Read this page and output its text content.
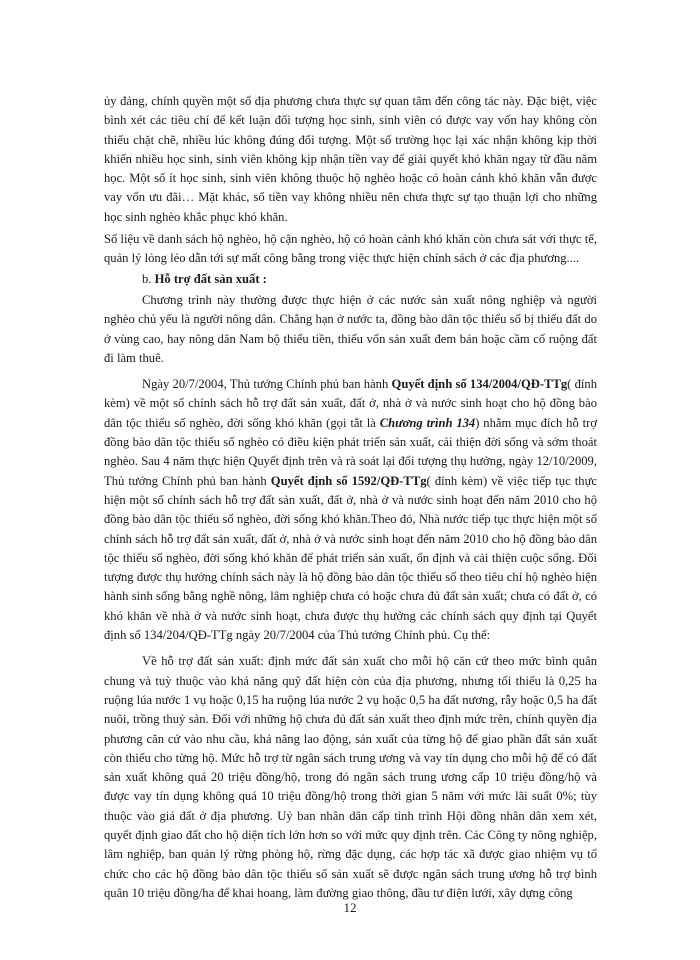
ủy đảng, chính quyền một số địa phương chưa thực sự quan tâm đến công tác này. Đặc biệt, việc bình xét các tiêu chí để kết luận đối tượng học sinh, sinh viên có được vay vốn hay không còn thiếu chặt chẽ, nhiều lúc không đúng đối tượng. Một số trường học lại xác nhận không kịp thời khiến nhiều học sinh, sinh viên không kịp nhận tiền vay để giải quyết khó khăn ngay từ đầu năm học. Một số ít học sinh, sinh viên không thuộc hộ nghèo hoặc có hoàn cảnh khó khăn vẫn được vay vốn ưu đãi… Mặt khác, số tiền vay không nhiều nên chưa thực sự tạo thuận lợi cho những học sinh nghèo khắc phục khó khăn.

Số liệu về danh sách hộ nghèo, hộ cận nghèo, hộ có hoàn cảnh khó khăn còn chưa sát với thực tế, quản lý lỏng lẻo dẫn tới sự mất công bằng trong việc thực hiện chính sách ở các địa phương....

b. Hỗ trợ đất sản xuất :

Chương trình này thường được thực hiện ở các nước sản xuất nông nghiệp và người nghèo chủ yếu là người nông dân. Chẳng hạn ở nước ta, đồng bào dân tộc thiểu số bị thiếu đất do ở vùng cao, hay nông dân Nam bộ thiếu tiền, thiếu vốn sản xuất đem bán hoặc cầm cố ruộng đất đi làm thuê.

Ngày 20/7/2004, Thủ tướng Chính phủ ban hành Quyết định số 134/2004/QĐ-TTg( đính kèm) về một số chính sách hỗ trợ đất sản xuất, đất ở, nhà ở và nước sinh hoạt cho hộ đồng bào dân tộc thiểu số nghèo, đời sống khó khăn (gọi tắt là Chương trình 134) nhằm mục đích hỗ trợ đồng bào dân tộc thiểu số nghèo có điều kiện phát triển sản xuất, cải thiện đời sống và sớm thoát nghèo. Sau 4 năm thực hiện Quyết định trên và rà soát lại đối tượng thụ hưởng, ngày 12/10/2009, Thủ tướng Chính phủ ban hành Quyết định số 1592/QĐ-TTg( đính kèm) về việc tiếp tục thực hiện một số chính sách hỗ trợ đất sản xuất, đất ở, nhà ở và nước sinh hoạt đến năm 2010 cho hộ đồng bào dân tộc thiểu số nghèo, đời sống khó khăn.Theo đó, Nhà nước tiếp tục thực hiện một số chính sách hỗ trợ đất sản xuất, đất ở, nhà ở và nước sinh hoạt đến năm 2010 cho hộ đồng bào dân tộc thiểu số nghèo, đời sống khó khăn để phát triển sản xuất, ổn định và cải thiện cuộc sống. Đối tượng được thụ hưởng chính sách này là hộ đồng bào dân tộc thiểu số theo tiêu chí hộ nghèo hiện hành sinh sống bằng nghề nông, lâm nghiệp chưa có hoặc chưa đủ đất sản xuất; chưa có đất ở, có khó khăn về nhà ở và nước sinh hoạt, chưa được thụ hưởng các chính sách quy định tại Quyết định số 134/204/QĐ-TTg ngày 20/7/2004 của Thủ tướng Chính phủ. Cụ thể:

Về hỗ trợ đất sản xuất: định mức đất sản xuất cho mỗi hộ căn cứ theo mức bình quân chung và tuỳ thuộc vào khả năng quỹ đất hiện còn của địa phương, nhưng tối thiểu là 0,25 ha ruộng lúa nước 1 vụ hoặc 0,15 ha ruộng lúa nước 2 vụ hoặc 0,5 ha đất nương, rẫy hoặc 0,5 ha đất nuôi, trồng thuỷ sản. Đối với những hộ chưa đủ đất sản xuất theo định mức trên, chính quyền địa phương căn cứ vào nhu cầu, khả năng lao động, sản xuất của từng hộ để giao phần đất sản xuất còn thiếu cho từng hộ. Mức hỗ trợ từ ngân sách trung ương và vay tín dụng cho mỗi hộ để có đất sản xuất không quá 20 triệu đồng/hộ, trong đó ngân sách trung ương cấp 10 triệu đồng/hộ và được vay tín dụng không quá 10 triệu đồng/hộ trong thời gian 5 năm với mức lãi suất 0%; tùy thuộc vào giá đất ở địa phương. Uỷ ban nhân dân cấp tỉnh trình Hội đồng nhân dân xem xét, quyết định giao đất cho hộ diện tích lớn hơn so với mức quy định trên. Các Công ty nông nghiệp, lâm nghiệp, ban quản lý rừng phòng hộ, rừng đặc dụng, các hợp tác xã được giao nhiệm vụ tổ chức cho các hộ đồng bào dân tộc thiểu số sản xuất sẽ được ngân sách trung ương hỗ trợ bình quân 10 triệu đồng/ha để khai hoang, làm đường giao thông, đầu tư điện lưới, xây dựng công

12
